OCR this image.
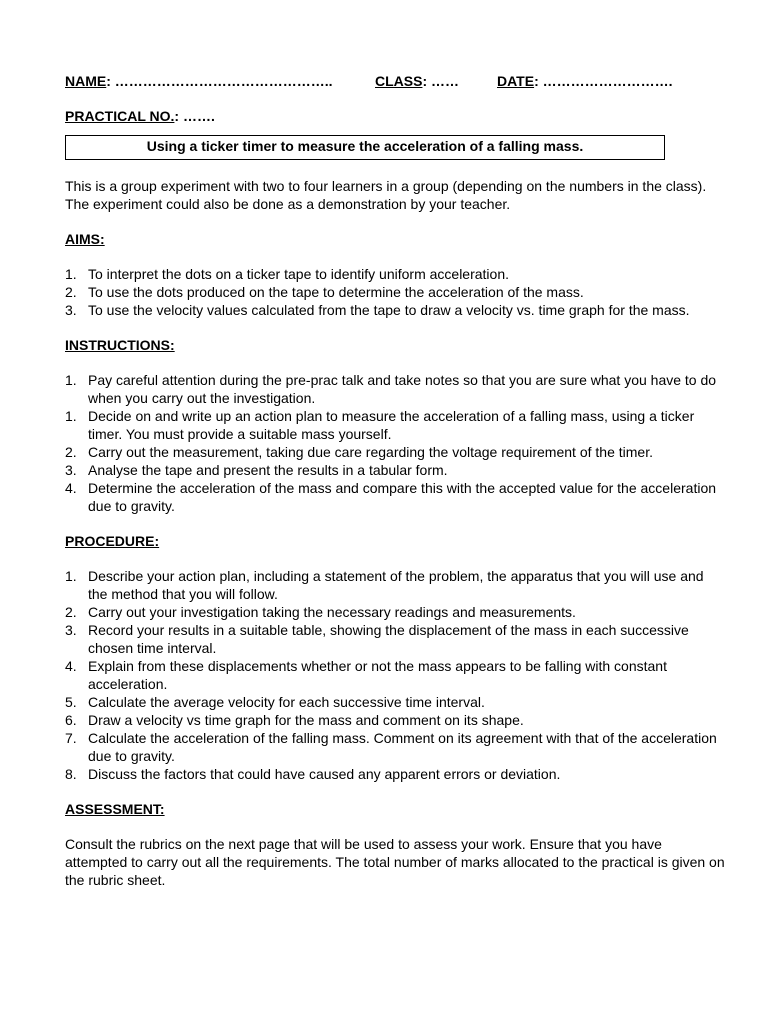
NAME: ………………………………………..	CLASS: ……	DATE: ……………………….
PRACTICAL NO.: …….
Using a ticker timer to measure the acceleration of a falling mass.

This is a group experiment with two to four learners in a group (depending on the numbers in the class). The experiment could also be done as a demonstration by your teacher.

AIMS:
1. To interpret the dots on a ticker tape to identify uniform acceleration.
2. To use the dots produced on the tape to determine the acceleration of the mass.
3. To use the velocity values calculated from the tape to draw a velocity vs. time graph for the mass.
INSTRUCTIONS:
1. Pay careful attention during the pre-prac talk and take notes so that you are sure what you have to do when you carry out the investigation.
1. Decide on and write up an action plan to measure the acceleration of a falling mass, using a ticker timer. You must provide a suitable mass yourself.
2. Carry out the measurement, taking due care regarding the voltage requirement of the timer.
3. Analyse the tape and present the results in a tabular form.
4. Determine the acceleration of the mass and compare this with the accepted value for the acceleration due to gravity.
PROCEDURE:
1. Describe your action plan, including a statement of the problem, the apparatus that you will use and the method that you will follow.
2. Carry out your investigation taking the necessary readings and measurements.
3. Record your results in a suitable table, showing the displacement of the mass in each successive chosen time interval.
4. Explain from these displacements whether or not the mass appears to be falling with constant acceleration.
5. Calculate the average velocity for each successive time interval.
6. Draw a velocity vs time graph for the mass and comment on its shape.
7. Calculate the acceleration of the falling mass. Comment on its agreement with that of the acceleration due to gravity.
8. Discuss the factors that could have caused any apparent errors or deviation.
ASSESSMENT:

Consult the rubrics on the next page that will be used to assess your work. Ensure that you have attempted to carry out all the requirements. The total number of marks allocated to the practical is given on the rubric sheet.
